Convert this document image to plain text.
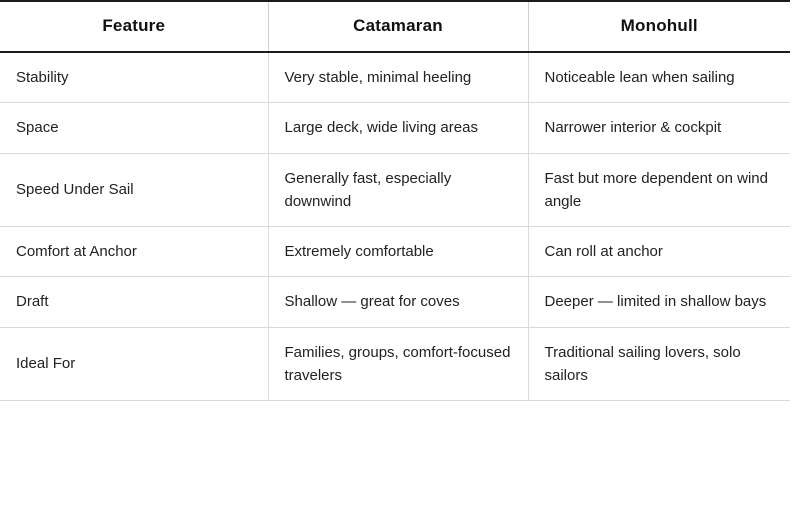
Feature	Catamaran	Monohull
Stability	Very stable, minimal heeling	Noticeable lean when sailing
Space	Large deck, wide living areas	Narrower interior & cockpit
Speed Under Sail	Generally fast, especially downwind	Fast but more dependent on wind angle
Comfort at Anchor	Extremely comfortable	Can roll at anchor
Draft	Shallow — great for coves	Deeper — limited in shallow bays
Ideal For	Families, groups, comfort-focused travelers	Traditional sailing lovers, solo sailors
